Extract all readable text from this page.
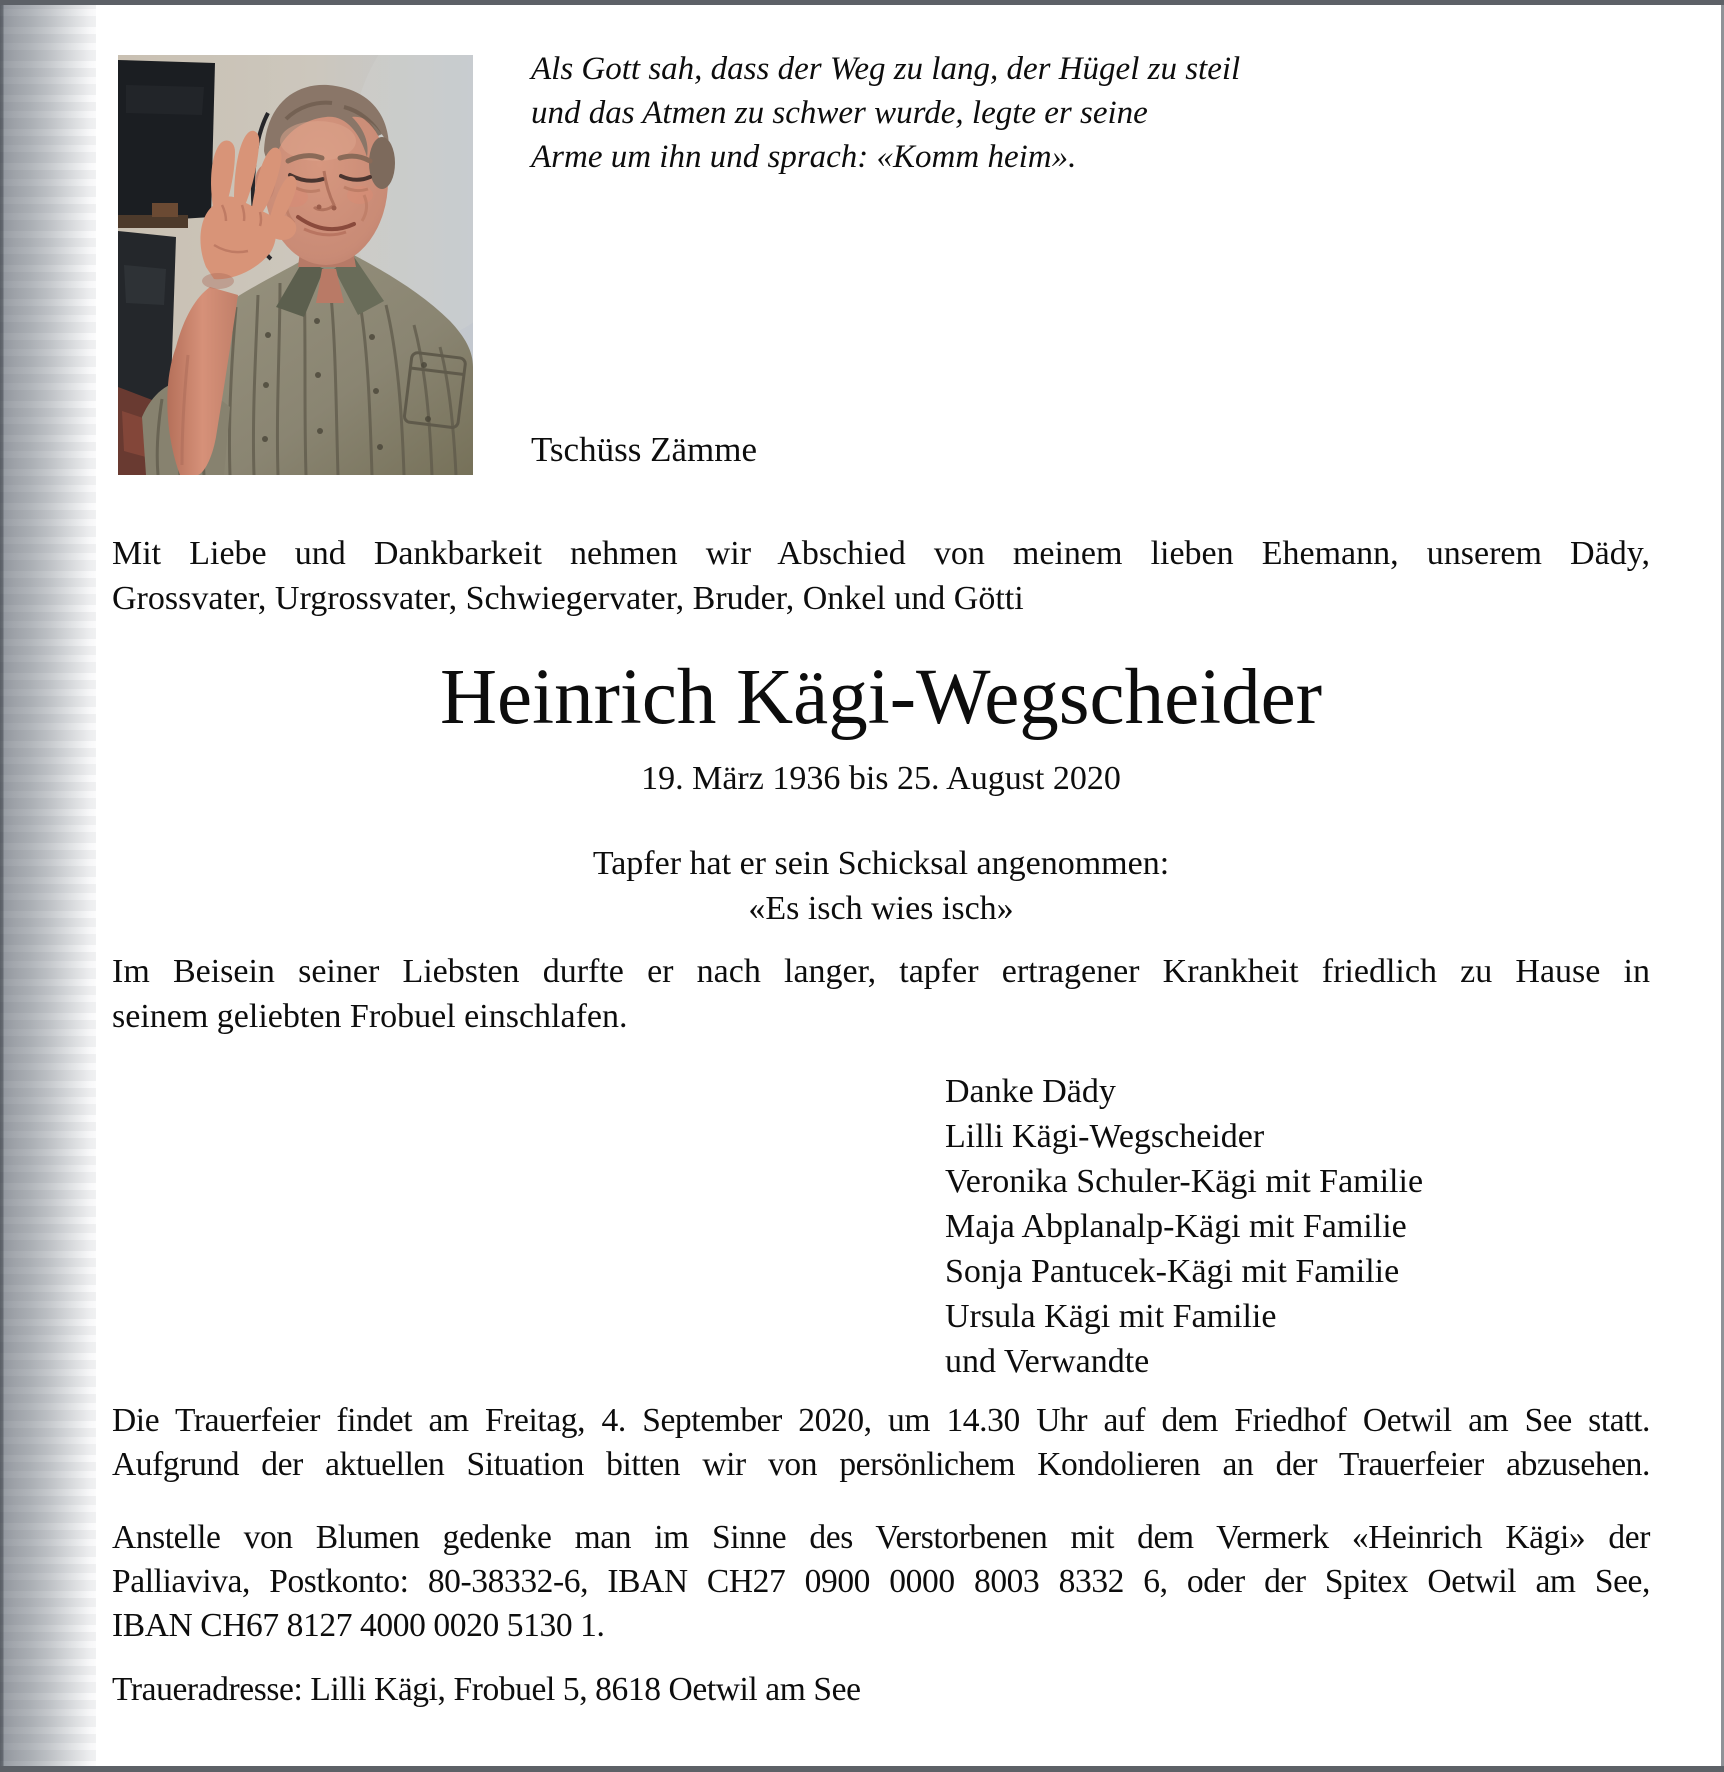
Als Gott sah, dass der Weg zu lang, der Hügel zu steil
und das Atmen zu schwer wurde, legte er seine
Arme um ihn und sprach: «Komm heim».
Tschüss Zämme
Mit Liebe und Dankbarkeit nehmen wir Abschied von meinem lieben Ehemann, unserem Dädy,
Grossvater, Urgrossvater, Schwiegervater, Bruder, Onkel und Götti
Heinrich Kägi-Wegscheider
19. März 1936 bis 25. August 2020
Tapfer hat er sein Schicksal angenommen:
«Es isch wies isch»
Im Beisein seiner Liebsten durfte er nach langer, tapfer ertragener Krankheit friedlich zu Hause in
seinem geliebten Frobuel einschlafen.
Danke Dädy
Lilli Kägi-Wegscheider
Veronika Schuler-Kägi mit Familie
Maja Abplanalp-Kägi mit Familie
Sonja Pantucek-Kägi mit Familie
Ursula Kägi mit Familie
und Verwandte
Die Trauerfeier findet am Freitag, 4. September 2020, um 14.30 Uhr auf dem Friedhof Oetwil am See statt.
Aufgrund der aktuellen Situation bitten wir von persönlichem Kondolieren an der Trauerfeier abzusehen.
Anstelle von Blumen gedenke man im Sinne des Verstorbenen mit dem Vermerk «Heinrich Kägi» der
Palliaviva, Postkonto: 80-38332-6, IBAN CH27 0900 0000 8003 8332 6, oder der Spitex Oetwil am See,
IBAN CH67 8127 4000 0020 5130 1.
Traueradresse: Lilli Kägi, Frobuel 5, 8618 Oetwil am See
